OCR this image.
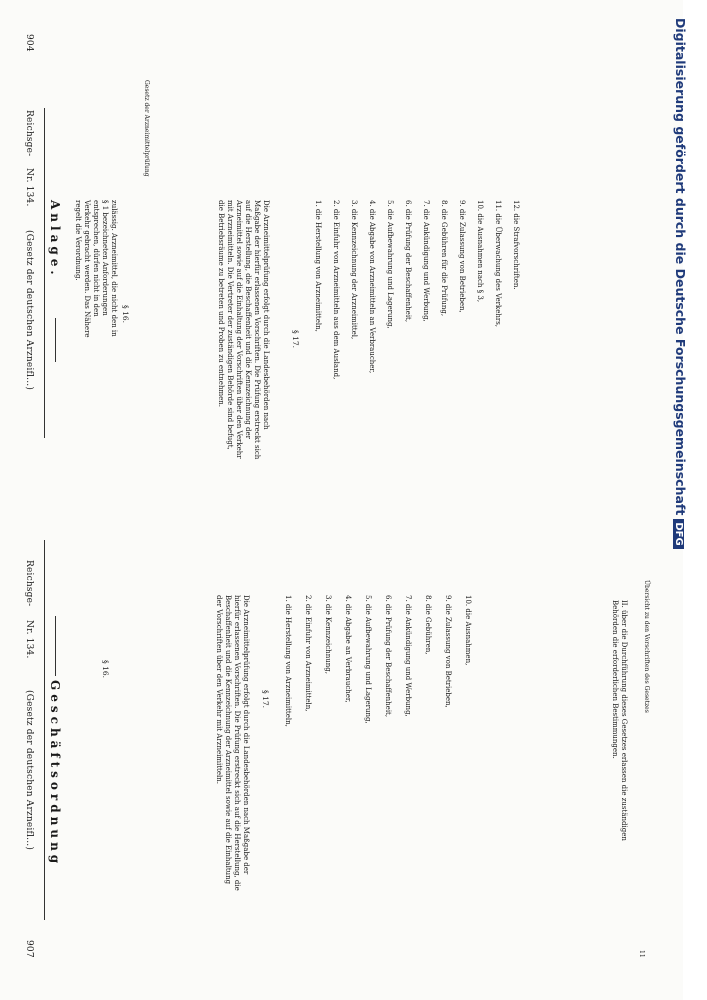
904
Reichsge-
Nr. 134.
(Gesetz der deutschen Arzneifl...) Anlage.	zulässig. Arzneimittel, die nicht den in § 1 bezeichneten Anforderungen entsprechen, dürfen nicht in den Verkehr gebracht werden. Das Nähere regelt die Verordnung.
Gesetz der Arzneimittelprüfung
§ 16.	Die Arzneimittelprüfung erfolgt durch die Landesbehörden nach Maßgabe der hierfür erlassenen Vorschriften. Die Prüfung erstreckt sich auf die Herstellung, die Beschaffenheit und die Kennzeichnung der Arzneimittel sowie auf die Einhaltung der Vorschriften über den Verkehr mit Arzneimitteln. Die Vertreter der zuständigen Behörde sind befugt, die Betriebsräume zu betreten und Proben zu entnehmen.	§ 17.
Reichsge-
Nr. 134.
(Gesetz der deutschen Arzneifl...)
907
Geschäftsordnung
§ 16.	Die Arzneimittelprüfung erfolgt durch die Landesbehörden nach Maßgabe der hierfür erlassenen Vorschriften. Die Prüfung erstreckt sich auf die Herstellung, die Beschaffenheit und die Kennzeichnung der Arzneimittel sowie auf die Einhaltung der Vorschriften über den Verkehr mit Arzneimitteln.	§ 17.	II. über die Durchführung dieses Gesetzes erlassen die zuständigen Behörden die erforderlichen Bestimmungen.	Übersicht zu den Vorschriften des Gesetzes
11
Digitalisierung gefördert durch die Deutsche ForschungsgemeinschaftDFG
1. die Herstellung von Arzneimitteln, 2. die Einfuhr von Arzneimitteln aus dem Ausland, 3. die Kennzeichnung der Arzneimittel, 4. die Abgabe von Arzneimitteln an Verbraucher, 5. die Aufbewahrung und Lagerung, 6. die Prüfung der Beschaffenheit, 7. die Ankündigung und Werbung, 8. die Gebühren für die Prüfung, 9. die Zulassung von Betrieben, 10. die Ausnahmen nach § 3, 11. die Überwachung des Verkehrs, 12. die Strafvorschriften.
1. die Herstellung von Arzneimitteln, 2. die Einfuhr von Arzneimitteln, 3. die Kennzeichnung, 4. die Abgabe an Verbraucher, 5. die Aufbewahrung und Lagerung, 6. die Prüfung der Beschaffenheit, 7. die Ankündigung und Werbung, 8. die Gebühren, 9. die Zulassung von Betrieben, 10. die Ausnahmen,
